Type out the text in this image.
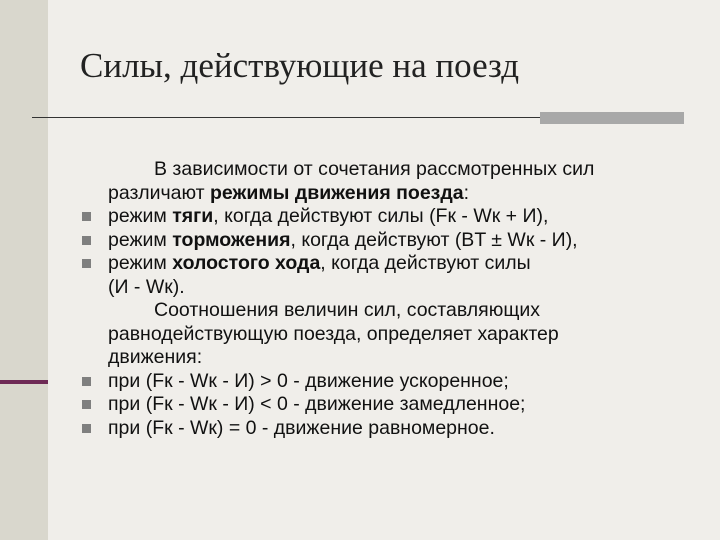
Силы, действующие на поезд
В зависимости от сочетания рассмотренных сил
различают режимы движения поезда:
режим тяги, когда действуют силы (Fк - Wк + И),
режим торможения, когда действуют (BT ± Wк - И),
режим холостого хода, когда действуют силы
(И - Wк).
Соотношения величин сил, составляющих
равнодействующую поезда, определяет характер
движения:
при (Fк - Wк - И) > 0 - движение ускоренное;
при (Fк - Wк - И) < 0 - движение замедленное;
при (Fк - Wк) = 0 - движение равномерное.
